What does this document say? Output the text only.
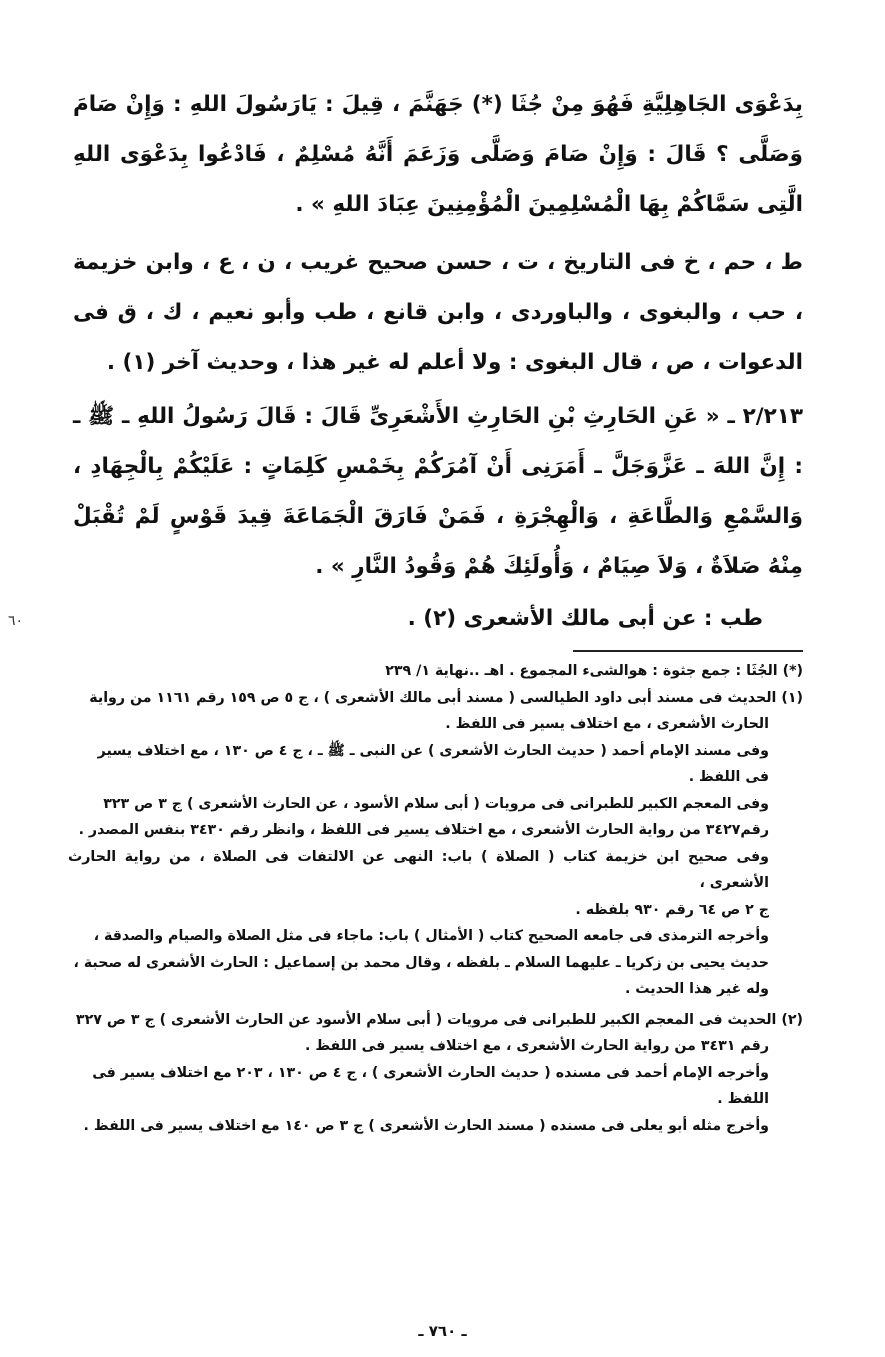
بِدَعْوَى الجَاهِلِيَّةِ فَهُوَ مِنْ جُثَا (*) جَهَنَّمَ ، قِيلَ : يَارَسُولَ اللهِ : وَإِنْ صَامَ وَصَلَّى ؟ قَالَ : وَإِنْ صَامَ وَصَلَّى وَزَعَمَ أَنَّهُ مُسْلِمٌ ، فَادْعُوا بِدَعْوَى اللهِ الَّتِى سَمَّاكُمْ بِهَا الْمُسْلِمِينَ الْمُؤْمِنِينَ عِبَادَ اللهِ » .

ط ، حم ، خ فى التاريخ ، ت ، حسن صحيح غريب ، ن ، ع ، وابن خزيمة ، حب ، والبغوى ، والباوردى ، وابن قانع ، طب وأبو نعيم ، ك ، ق فى الدعوات ، ص ، قال البغوى : ولا أعلم له غير هذا ، وحديث آخر (١) .

٢/٢١٣ ـ « عَنِ الحَارِثِ بْنِ الحَارِثِ الأَشْعَرِىِّ قَالَ : قَالَ رَسُولُ اللهِ ـ ﷺ ـ : إِنَّ اللهَ ـ عَزَّوَجَلَّ ـ أَمَرَنِى أَنْ آمُرَكُمْ بِخَمْسِ كَلِمَاتٍ : عَلَيْكُمْ بِالْجِهَادِ ، وَالسَّمْعِ وَالطَّاعَةِ ، وَالْهِجْرَةِ ، فَمَنْ فَارَقَ الْجَمَاعَةَ قِيدَ قَوْسٍ لَمْ تُقْبَلْ مِنْهُ صَلاَةٌ ، وَلاَ صِيَامٌ ، وَأُولَئِكَ هُمْ وَقُودُ النَّارِ » .

طب : عن أبى مالك الأشعرى (٢) .

(*) الجُثَا : جمع جثوة : هوالشىء المجموع . اهـ ..نهاية ١/ ٢٣٩

(١) الحديث فى مسند أبى داود الطيالسى ( مسند أبى مالك الأشعرى ) ، ج ٥ ص ١٥٩ رقم ١١٦١ من رواية

الحارث الأشعرى ، مع اختلاف يسير فى اللفظ .

وفى مسند الإمام أحمد ( حديث الحارث الأشعرى ) عن النبى ـ ﷺ ـ ، ج ٤ ص ١٣٠ ، مع اختلاف يسير

فى اللفظ .

وفى المعجم الكبير للطبرانى فى مرويات ( أبى سلام الأسود ، عن الحارث الأشعرى ) ج ٣ ص ٣٢٣

رقم٣٤٢٧ من رواية الحارث الأشعرى ، مع اختلاف يسير فى اللفظ ، وانظر رقم ٣٤٣٠ بنفس المصدر .

وفى صحيح ابن خزيمة كتاب ( الصلاة ) باب: النهى عن الالتفات فى الصلاة ، من رواية الحارث الأشعرى ،

ج ٢ ص ٦٤ رقم ٩٣٠ بلفظه .

وأخرجه الترمذى فى جامعه الصحيح كتاب ( الأمثال ) باب: ماجاء فى مثل الصلاة والصيام والصدقة ،

حديث يحيى بن زكريا ـ عليهما السلام ـ بلفظه ، وقال محمد بن إسماعيل : الحارث الأشعرى له صحبة ،

وله غير هذا الحديث .

(٢) الحديث فى المعجم الكبير للطبرانى فى مرويات ( أبى سلام الأسود عن الحارث الأشعرى ) ج ٣ ص ٣٢٧

رقم ٣٤٣١ من رواية الحارث الأشعرى ، مع اختلاف يسير فى اللفظ .

وأخرجه الإمام أحمد فى مسنده ( حديث الحارث الأشعرى ) ، ج ٤ ص ١٣٠ ، ٢٠٣ مع اختلاف يسير فى

اللفظ .

وأخرج مثله أبو يعلى فى مسنده ( مسند الحارث الأشعرى ) ج ٣ ص ١٤٠ مع اختلاف يسير فى اللفظ .

٦٠
ـ ٧٦٠ ـ
